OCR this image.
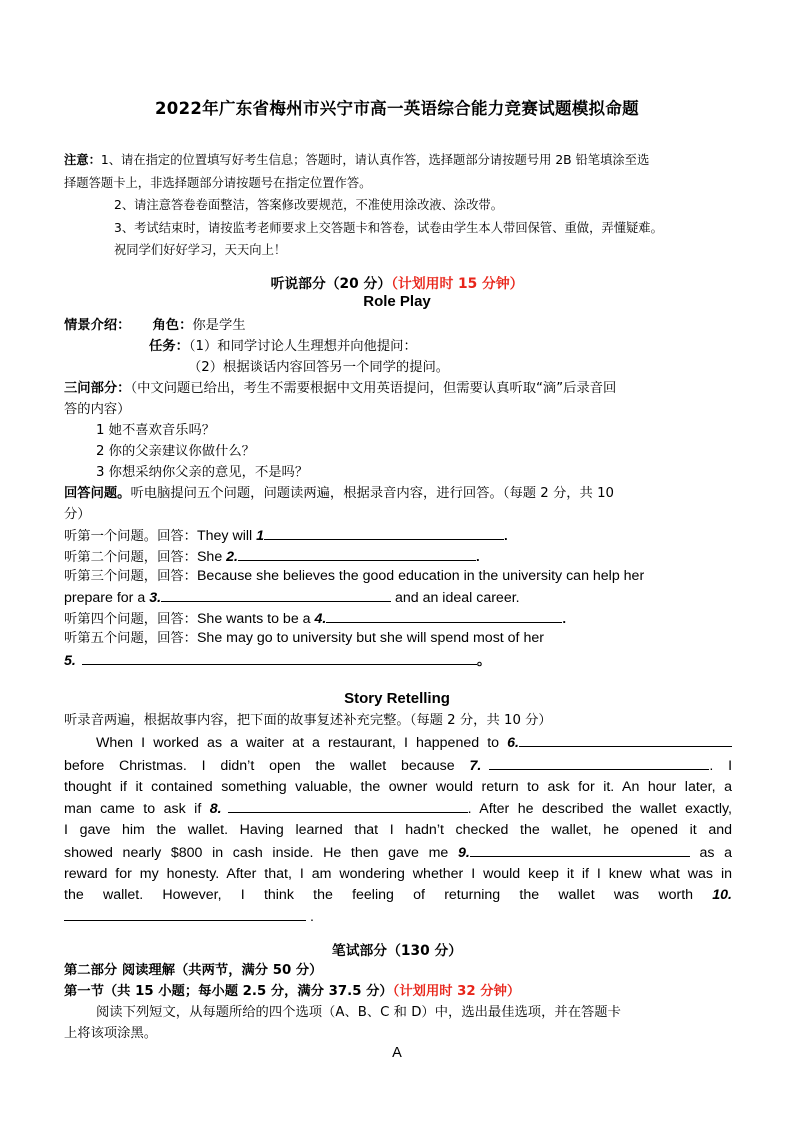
2022年广东省梅州市兴宁市高一英语综合能力竞赛试题模拟命题
注意：1、请在指定的位置填写好考生信息；答题时，请认真作答，选择题部分请按题号用 2B 铅笔填涂至选
择题答题卡上，非选择题部分请按题号在指定位置作答。
2、请注意答卷卷面整洁，答案修改要规范，不准使用涂改液、涂改带。
3、考试结束时，请按监考老师要求上交答题卡和答卷，试卷由学生本人带回保管、重做，弄懂疑难。
祝同学们好好学习，天天向上！
听说部分（20 分）（计划用时 15 分钟）
Role Play
情景介绍： 角色：你是学生
任务：（1）和同学讨论人生理想并向他提问：
（2）根据谈话内容回答另一个同学的提问。
三问部分：（中文问题已给出，考生不需要根据中文用英语提问，但需要认真听取“滴”后录音回
答的内容）
1 她不喜欢音乐吗？
2 你的父亲建议你做什么？
3 你想采纳你父亲的意见，不是吗？
回答问题。听电脑提问五个问题，问题读两遍，根据录音内容，进行回答。（每题 2 分，共 10
分）
听第一个问题。回答：They will 1	.
听第二个问题，回答：She 2.	.
听第三个问题，回答：Because she believes the good education in the university can help her
prepare for a 3.	and an ideal career.
听第四个问题，回答：She wants to be a 4.	.
听第五个问题，回答：She may go to university but she will spend most of her
5.	。
Story Retelling
听录音两遍，根据故事内容，把下面的故事复述补充完整。（每题 2 分，共 10 分）
When I worked as a waiter at a restaurant, I happened to 6.
before Christmas. I didn’t open the wallet because 7.	. I
thought if it contained something valuable, the owner would return to ask for it. An hour later, a
man came to ask if 8.	. After he described the wallet exactly,
I gave him the wallet. Having learned that I hadn’t checked the wallet, he opened it and
showed nearly $800 in cash inside. He then gave me 9.	as a
reward for my honesty. After that, I am wondering whether I would keep it if I knew what was in
the wallet. However, I think the feeling of returning the wallet was worth 10.
.
笔试部分（130 分）
第二部分 阅读理解（共两节，满分 50 分）
第一节（共 15 小题；每小题 2.5 分，满分 37.5 分）（计划用时 32 分钟）
阅读下列短文，从每题所给的四个选项（A、B、C 和 D）中，选出最佳选项，并在答题卡
上将该项涂黑。
A
